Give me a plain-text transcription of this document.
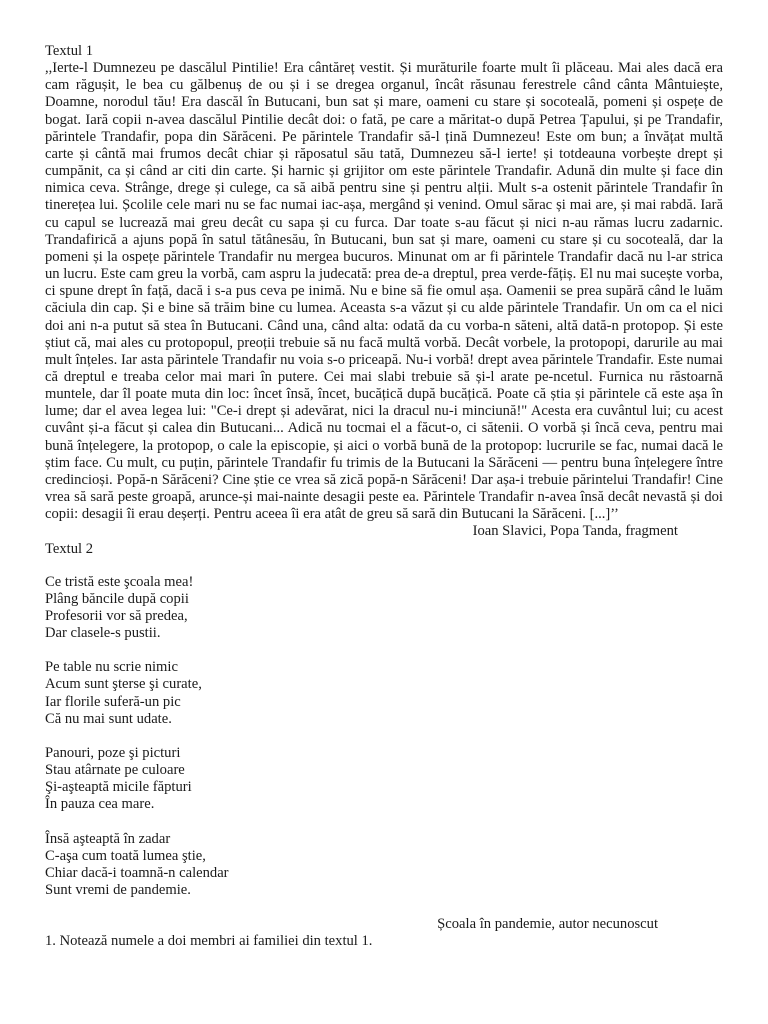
Textul 1

,,Ierte-l Dumnezeu pe dascălul Pintilie! Era cântăreț vestit. Și murăturile foarte mult îi plăceau. Mai ales dacă era cam răgușit, le bea cu gălbenuș de ou și i se dregea organul, încât răsunau ferestrele când cânta Mântuiește, Doamne, norodul tău! Era dascăl în Butucani, bun sat și mare, oameni cu stare și socoteală, pomeni și ospețe de bogat. Iară copii n-avea dascălul Pintilie decât doi: o fată, pe care a măritat-o după Petrea Țapului, și pe Trandafir, părintele Trandafir, popa din Sărăceni. Pe părintele Trandafir să-l țină Dumnezeu! Este om bun; a învățat multă carte și cântă mai frumos decât chiar și răposatul său tată, Dumnezeu să-l ierte! și totdeauna vorbește drept și cumpănit, ca și când ar citi din carte. Și harnic și grijitor om este părintele Trandafir. Adună din multe și face din nimica ceva. Strânge, drege și culege, ca să aibă pentru sine și pentru alții. Mult s-a ostenit părintele Trandafir în tinerețea lui. Școlile cele mari nu se fac numai iac-așa, mergând și venind. Omul sărac și mai are, și mai rabdă. Iară cu capul se lucrează mai greu decât cu sapa și cu furca. Dar toate s-au făcut și nici n-au rămas lucru zadarnic. Trandafirică a ajuns popă în satul tătânesău, în Butucani, bun sat și mare, oameni cu stare și cu socoteală, dar la pomeni și la ospețe părintele Trandafir nu mergea bucuros. Minunat om ar fi părintele Trandafir dacă nu l-ar strica un lucru. Este cam greu la vorbă, cam aspru la judecată: prea de-a dreptul, prea verde-fățiș. El nu mai sucește vorba, ci spune drept în față, dacă i s-a pus ceva pe inimă. Nu e bine să fie omul așa. Oamenii se prea supără când le luăm căciula din cap. Și e bine să trăim bine cu lumea. Aceasta s-a văzut și cu alde părintele Trandafir. Un om ca el nici doi ani n-a putut să stea în Butucani. Când una, când alta: odată da cu vorba-n săteni, altă dată-n protopop. Și este știut că, mai ales cu protopopul, preoții trebuie să nu facă multă vorbă. Decât vorbele, la protopopi, darurile au mai mult înțeles. Iar asta părintele Trandafir nu voia s-o priceapă. Nu-i vorbă! drept avea părintele Trandafir. Este numai că dreptul e treaba celor mai mari în putere. Cei mai slabi trebuie să și-l arate pe-ncetul. Furnica nu răstoarnă muntele, dar îl poate muta din loc: încet însă, încet, bucățică după bucățică. Poate că știa și părintele că este așa în lume; dar el avea legea lui: "Ce-i drept și adevărat, nici la dracul nu-i minciună!" Acesta era cuvântul lui; cu acest cuvânt și-a făcut și calea din Butucani... Adică nu tocmai el a făcut-o, ci sătenii. O vorbă și încă ceva, pentru mai bună înțelegere, la protopop, o cale la episcopie, și aici o vorbă bună de la protopop: lucrurile se fac, numai dacă le știm face. Cu mult, cu puțin, părintele Trandafir fu trimis de la Butucani la Sărăceni — pentru buna înțelegere între credincioși. Popă-n Sărăceni? Cine știe ce vrea să zică popă-n Sărăceni! Dar așa-i trebuie părintelui Trandafir! Cine vrea să sară peste groapă, arunce-și mai-nainte desagii peste ea. Părintele Trandafir n-avea însă decât nevastă și doi copii: desagii îi erau deșerți. Pentru aceea îi era atât de greu să sară din Butucani la Sărăceni. [...]’’

Ioan Slavici, Popa Tanda, fragment

Textul 2

Ce tristă este şcoala mea!
Plâng băncile după copii
Profesorii vor să predea,
Dar clasele-s pustii.
Pe table nu scrie nimic
Acum sunt şterse şi curate,
Iar florile suferă-un pic
Că nu mai sunt udate.
Panouri, poze şi picturi
Stau atârnate pe culoare
Şi-aşteaptă micile făpturi
În pauza cea mare.
Însă aşteaptă în zadar
C-aşa cum toată lumea ştie,
Chiar dacă-i toamnă-n calendar
Sunt vremi de pandemie.

Școala în pandemie, autor necunoscut

1. Notează numele a doi membri ai familiei din textul 1.
